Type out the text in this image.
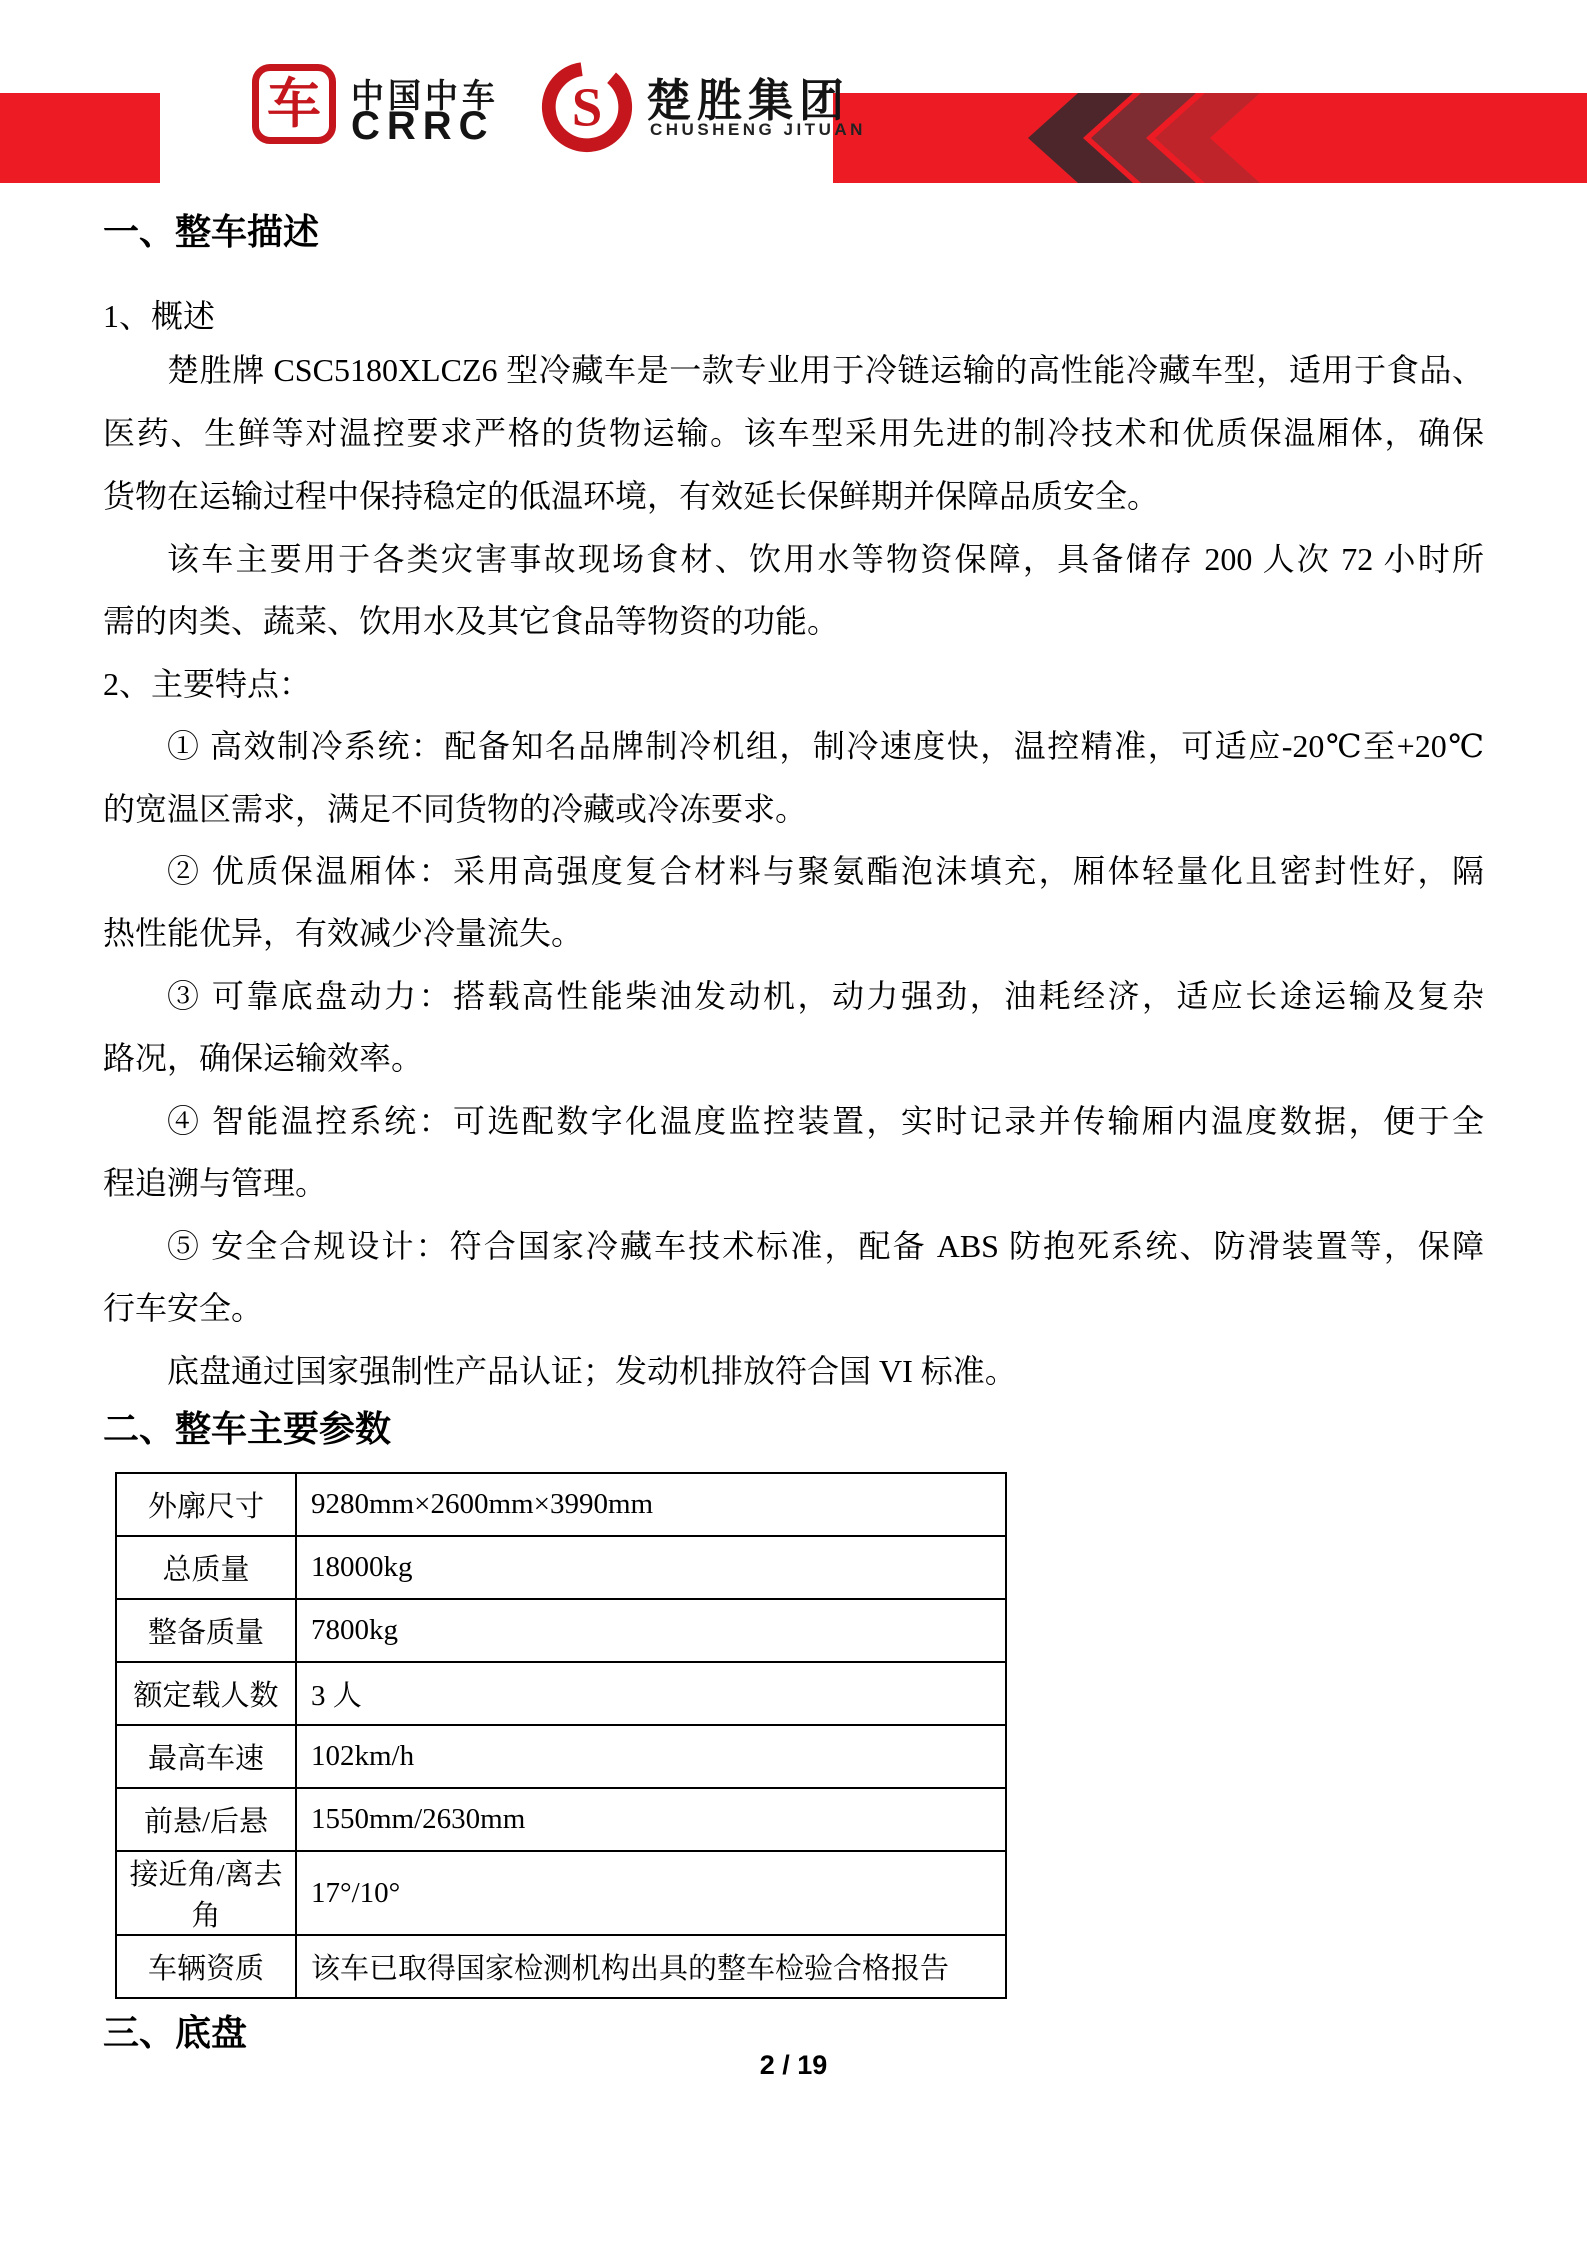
车 中国中车
CRRC S 楚胜集团
CHUSHENG JITUAN
一、整车描述
1、概述
楚胜牌 CSC5180XLCZ6 型冷藏车是一款专业用于冷链运输的高性能冷藏车型，适用于食品、
医药、生鲜等对温控要求严格的货物运输。该车型采用先进的制冷技术和优质保温厢体，确保
货物在运输过程中保持稳定的低温环境，有效延长保鲜期并保障品质安全。
该车主要用于各类灾害事故现场食材、饮用水等物资保障，具备储存 200 人次 72 小时所
需的肉类、蔬菜、饮用水及其它食品等物资的功能。
2、主要特点：
① 高效制冷系统：配备知名品牌制冷机组，制冷速度快，温控精准，可适应-20℃至+20℃
的宽温区需求，满足不同货物的冷藏或冷冻要求。
② 优质保温厢体：采用高强度复合材料与聚氨酯泡沫填充，厢体轻量化且密封性好，隔
热性能优异，有效减少冷量流失。
③ 可靠底盘动力：搭载高性能柴油发动机，动力强劲，油耗经济，适应长途运输及复杂
路况，确保运输效率。
④ 智能温控系统：可选配数字化温度监控装置，实时记录并传输厢内温度数据，便于全
程追溯与管理。
⑤ 安全合规设计：符合国家冷藏车技术标准，配备 ABS 防抱死系统、防滑装置等，保障
行车安全。
底盘通过国家强制性产品认证；发动机排放符合国 VI 标准。
二、整车主要参数
外廓尺寸	9280mm×2600mm×3990mm
总质量	18000kg
整备质量	7800kg
额定载人数	3 人
最高车速	102km/h
前悬/后悬	1550mm/2630mm
接近角/离去角	17°/10°
车辆资质	该车已取得国家检测机构出具的整车检验合格报告
三、底盘
2 / 19
